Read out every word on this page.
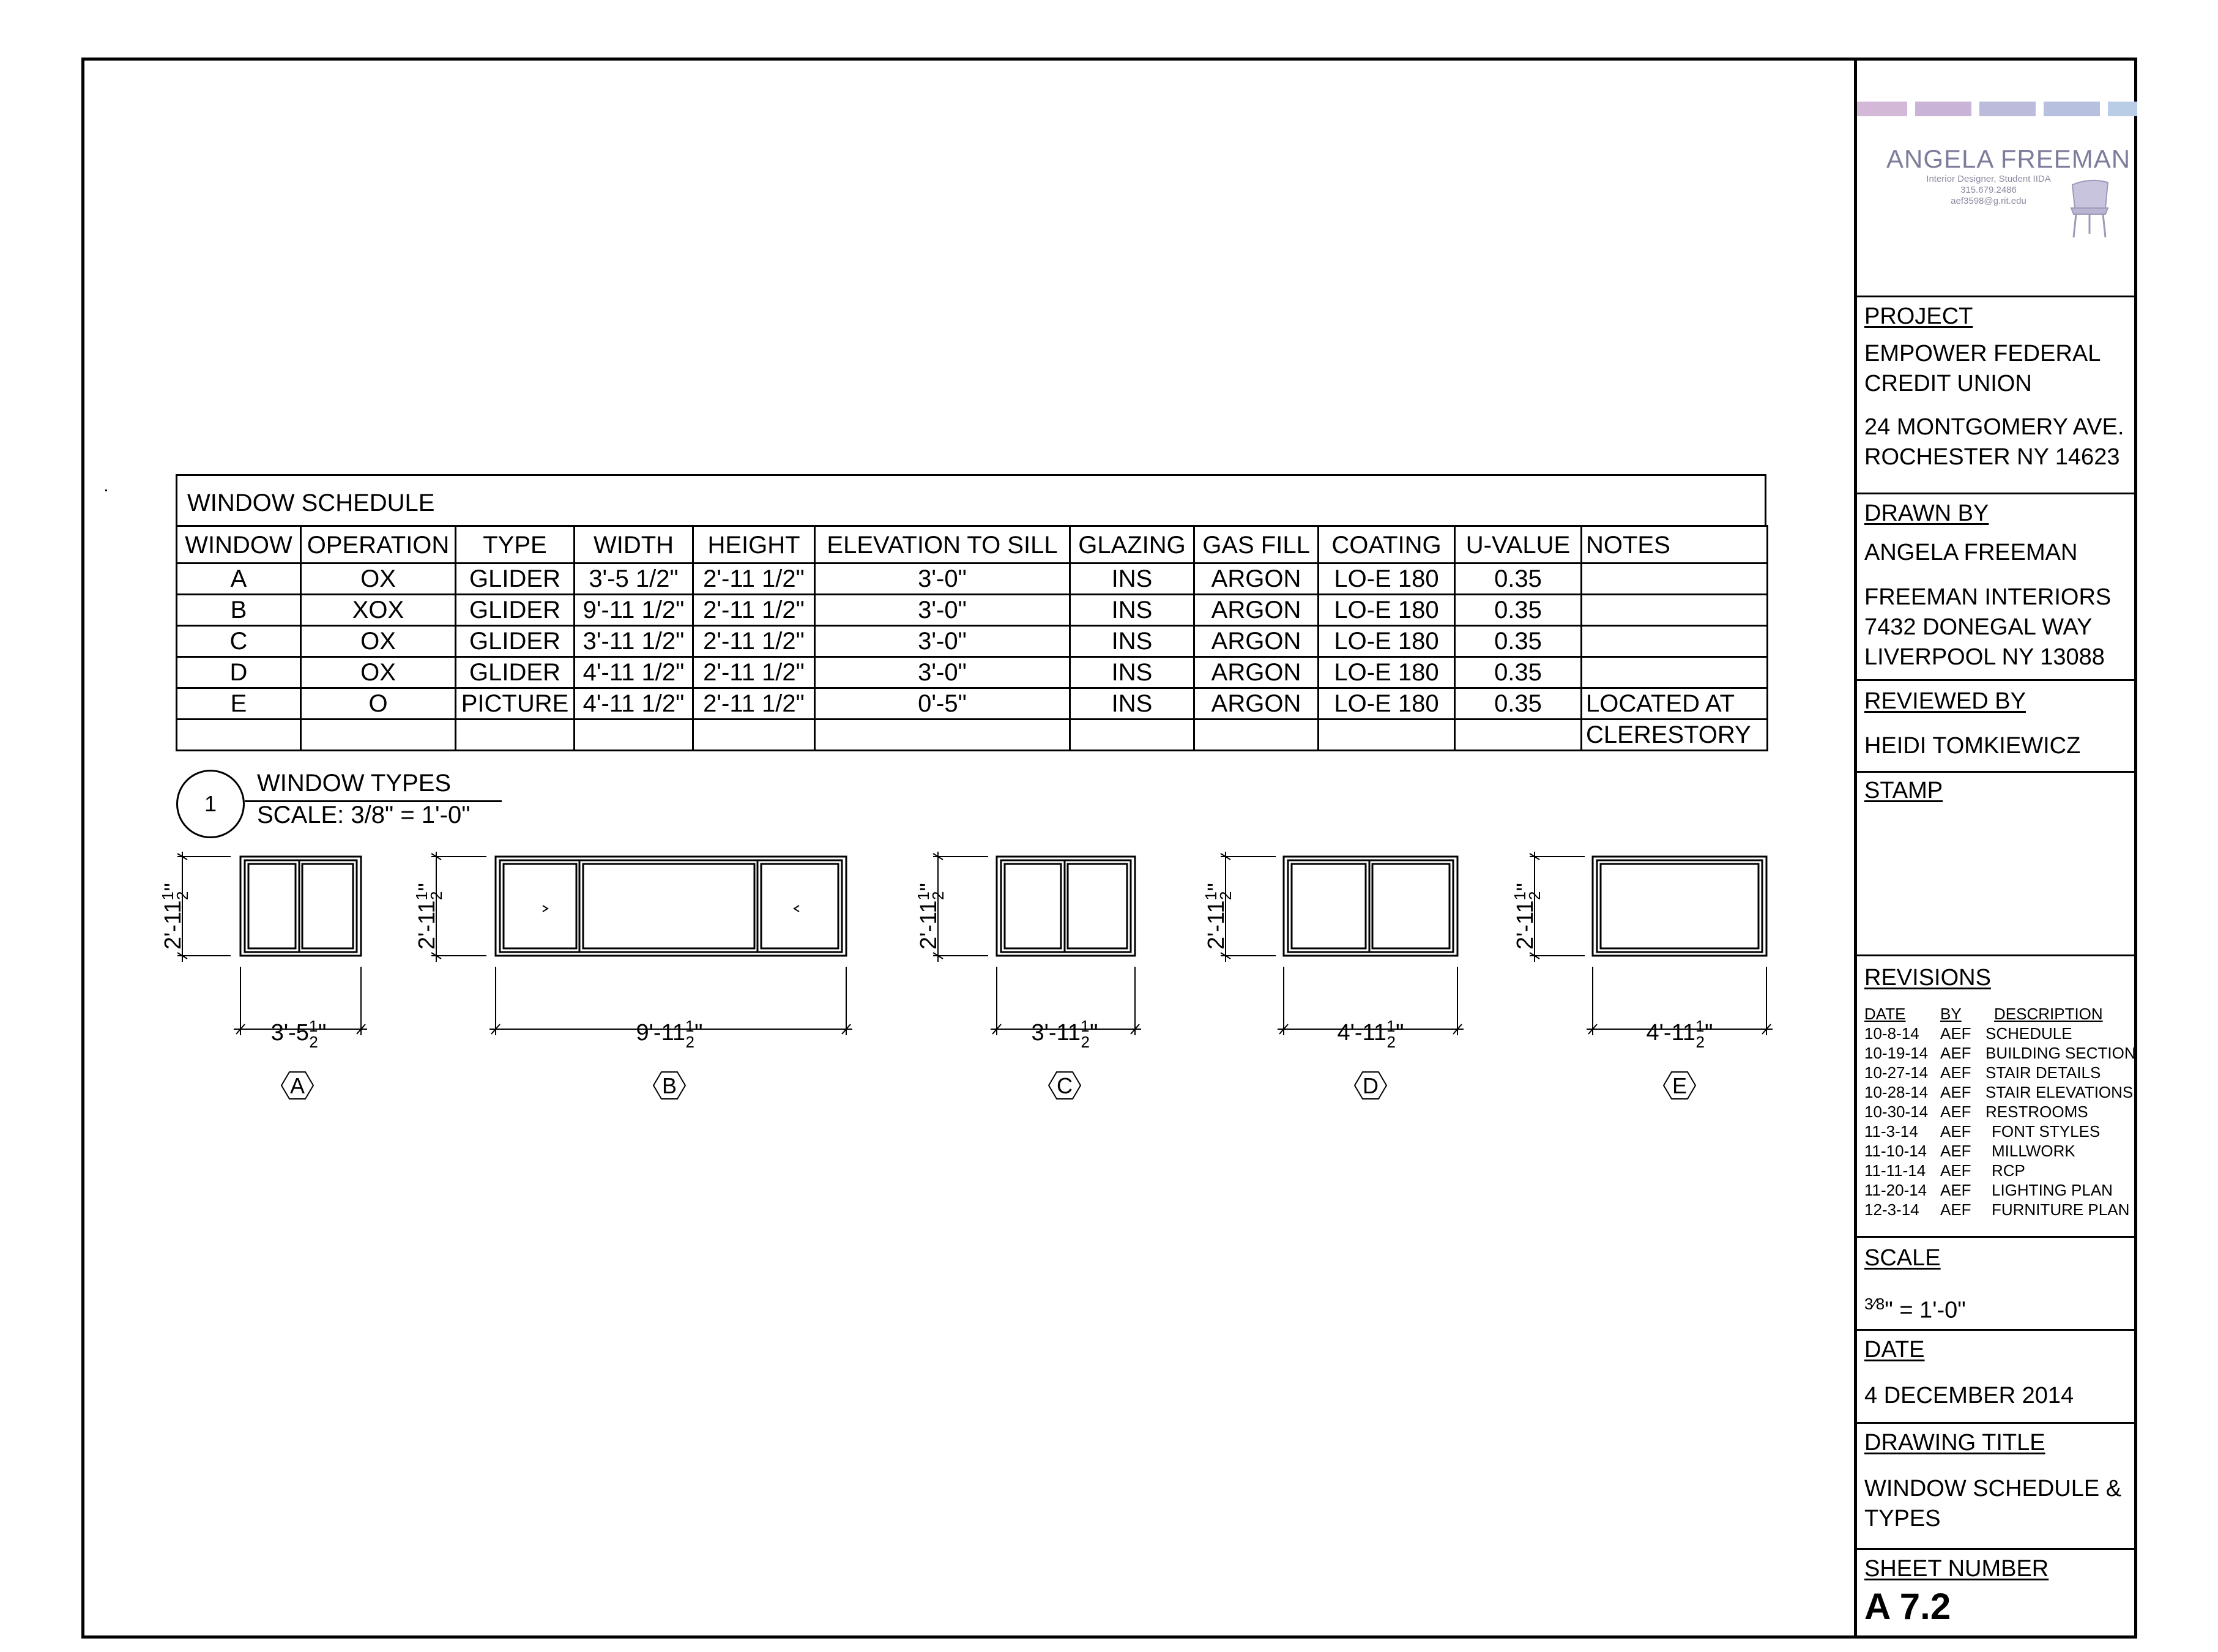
WINDOW SCHEDULE
WINDOW	OPERATION	TYPE	WIDTH	HEIGHT	ELEVATION TO SILL	GLAZING	GAS FILL	COATING	U-VALUE	NOTES
A	OX	GLIDER	3'-5 1/2"	2'-11 1/2"	3'-0"	INS	ARGON	LO-E 180	0.35	
B	XOX	GLIDER	9'-11 1/2"	2'-11 1/2"	3'-0"	INS	ARGON	LO-E 180	0.35	
C	OX	GLIDER	3'-11 1/2"	2'-11 1/2"	3'-0"	INS	ARGON	LO-E 180	0.35	
D	OX	GLIDER	4'-11 1/2"	2'-11 1/2"	3'-0"	INS	ARGON	LO-E 180	0.35	
E	O	PICTURE	4'-11 1/2"	2'-11 1/2"	0'-5"	INS	ARGON	LO-E 180	0.35	LOCATED AT
										CLERESTORY
1
WINDOW TYPES
SCALE: 3/8" = 1'-0"
$2'-11^12$"
$2'-11^12$"
$2'-11^12$"
$2'-11^12$"
$2'-11^12$"
$3'-5^1$ 2"	$9'-11^1$ 2"	$3'-11^1$ 2"	$4'-11^1$ 2"	$4'-11^1$ 2"
A	B	C	D	E
ANGELA FREEMAN
Interior Designer, Student IIDA
315.679.2486
aef3598@g.rit.edu
PROJECT
EMPOWER FEDERAL
CREDIT UNION
24 MONTGOMERY AVE.
ROCHESTER NY 14623
DRAWN BY
ANGELA FREEMAN
FREEMAN INTERIORS
7432 DONEGAL WAY
LIVERPOOL NY 13088
REVIEWED BY
HEIDI TOMKIEWICZ
STAMP
REVISIONS
DATE BY DESCRIPTION
10-8-14 AEF SCHEDULE
10-19-14 AEF BUILDING SECTION
10-27-14 AEF STAIR DETAILS
10-28-14 AEF STAIR ELEVATIONS
10-30-14 AEF RESTROOMS
11-3-14 AEF FONT STYLES
11-10-14 AEF MILLWORK
11-11-14 AEF RCP
11-20-14 AEF LIGHTING PLAN
12-3-14 AEF FURNITURE PLAN
SCALE
$^{3⁄8}$" = 1'-0"
DATE
4 DECEMBER 2014
DRAWING TITLE
WINDOW SCHEDULE &
TYPES
SHEET NUMBER
A 7.2
